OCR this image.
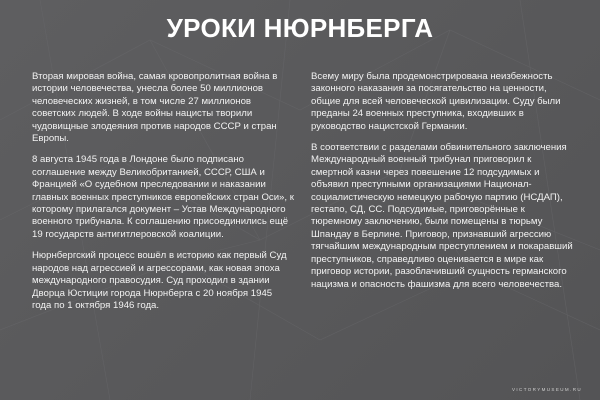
УРОКИ НЮРНБЕРГА

Вторая мировая война, самая кровопролитная война в истории человечества, унесла более 50 миллионов человеческих жизней, в том числе 27 миллионов советских людей. В ходе войны нацисты творили чудовищные злодеяния против народов СССР и стран Европы.

8 августа 1945 года в Лондоне было подписано соглашение между Великобританией, СССР, США и Францией «О судебном преследовании и наказании главных военных преступников европейских стран Оси», к которому прилагался документ – Устав Международного военного трибунала. К соглашению присоединились ещё 19 государств антигитлеровской коалиции.

Нюрнбергский процесс вошёл в историю как первый Суд народов над агрессией и агрессорами, как новая эпоха международного правосудия. Суд проходил в здании Дворца Юстиции города Нюрнберга с 20 ноября 1945 года по 1 октября 1946 года.

Всему миру была продемонстрирована неизбежность законного наказания за посягательство на ценности, общие для всей человеческой цивилизации. Суду были преданы 24 военных преступника, входивших в руководство нацистской Германии.

В соответствии с разделами обвинительного заключения Международный военный трибунал приговорил к смертной казни через повешение 12 подсудимых и объявил преступными организациями Национал-социалистическую немецкую рабочую партию (НСДАП), гестапо, СД, СС. Подсудимые, приговорённые к тюремному заключению, были помещены в тюрьму Шпандау в Берлине. Приговор, признавший агрессию тягчайшим международным преступлением и покаравший преступников, справедливо оценивается в мире как приговор истории, разоблачивший сущность германского нацизма и опасность фашизма для всего человечества.

VICTORYMUSEUM.RU
